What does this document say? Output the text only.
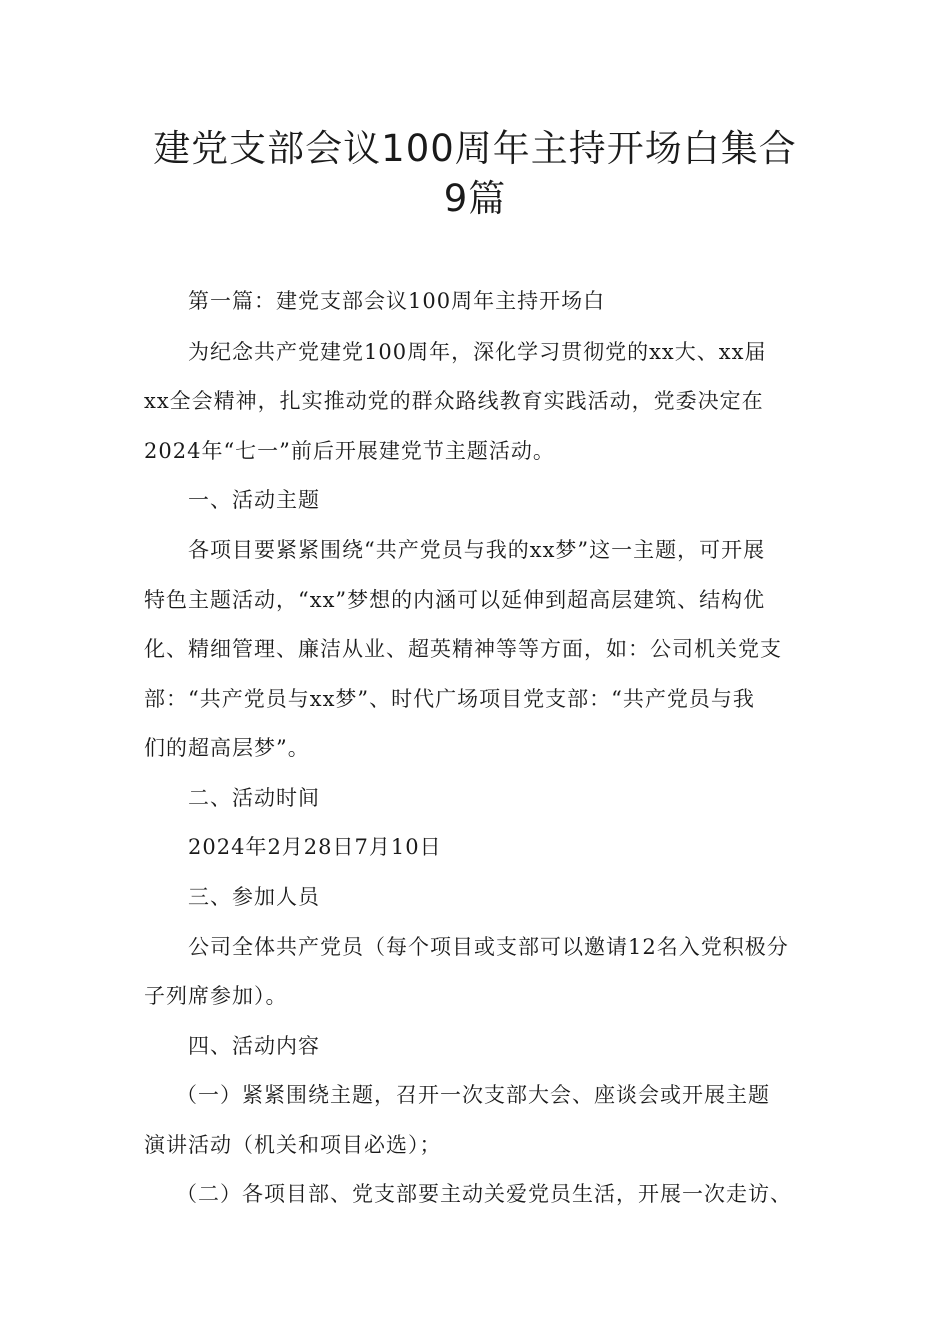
建党支部会议100周年主持开场白集合
9篇
第一篇：建党支部会议100周年主持开场白
为纪念共产党建党100周年，深化学习贯彻党的xx大、xx届
xx全会精神，扎实推动党的群众路线教育实践活动，党委决定在
2024年“七一”前后开展建党节主题活动。
一、活动主题
各项目要紧紧围绕“共产党员与我的xx梦”这一主题，可开展
特色主题活动，“xx”梦想的内涵可以延伸到超高层建筑、结构优
化、精细管理、廉洁从业、超英精神等等方面，如：公司机关党支
部：“共产党员与xx梦”、时代广场项目党支部：“共产党员与我
们的超高层梦”。
二、活动时间
2024年2月28日7月10日
三、参加人员
公司全体共产党员（每个项目或支部可以邀请12名入党积极分
子列席参加）。
四、活动内容
（一）紧紧围绕主题，召开一次支部大会、座谈会或开展主题
演讲活动（机关和项目必选）；
（二）各项目部、党支部要主动关爱党员生活，开展一次走访、
